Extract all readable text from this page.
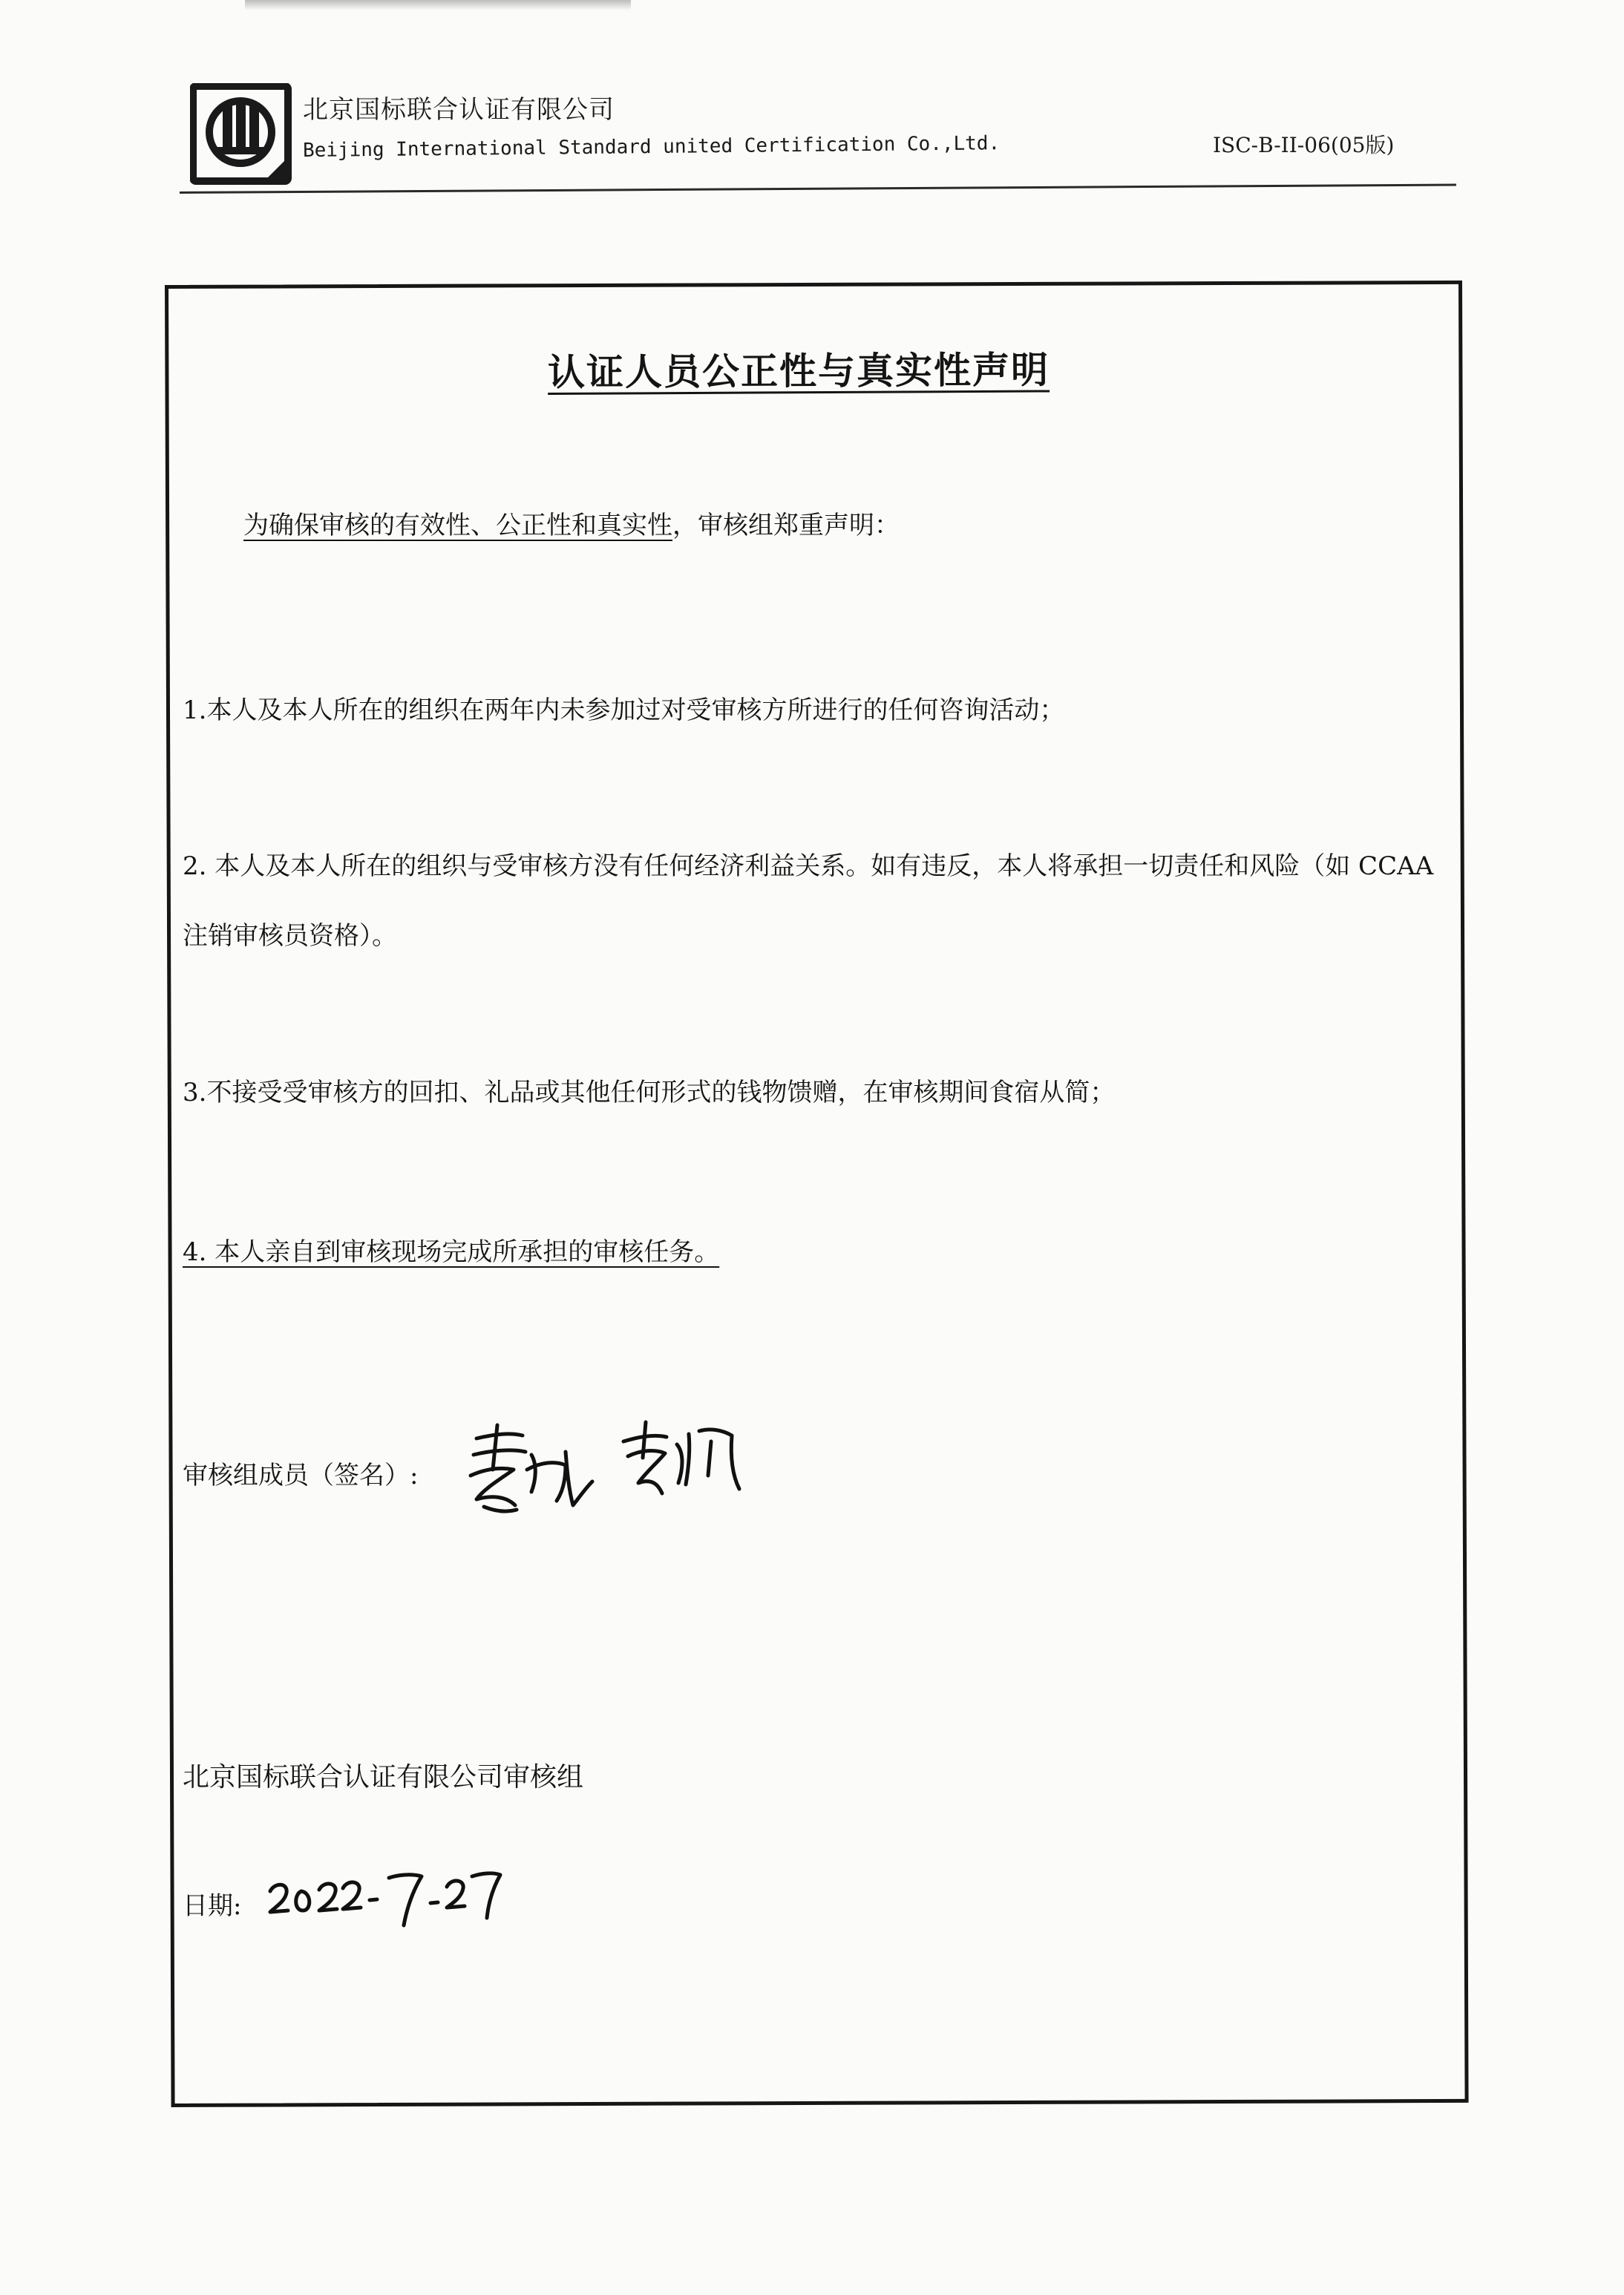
北京国标联合认证有限公司
Beijing International Standard united Certification Co.,Ltd.	ISC-B-II-06(05版)
认证人员公正性与真实性声明
为确保审核的有效性、公正性和真实性，审核组郑重声明：
1.本人及本人所在的组织在两年内未参加过对受审核方所进行的任何咨询活动；
2. 本人及本人所在的组织与受审核方没有任何经济利益关系。如有违反，本人将承担一切责任和风险（如 CCAA 注销审核员资格）。
3.不接受受审核方的回扣、礼品或其他任何形式的钱物馈赠，在审核期间食宿从简；
4. 本人亲自到审核现场完成所承担的审核任务。
审核组成员（签名）:
北京国标联合认证有限公司审核组
日期:
